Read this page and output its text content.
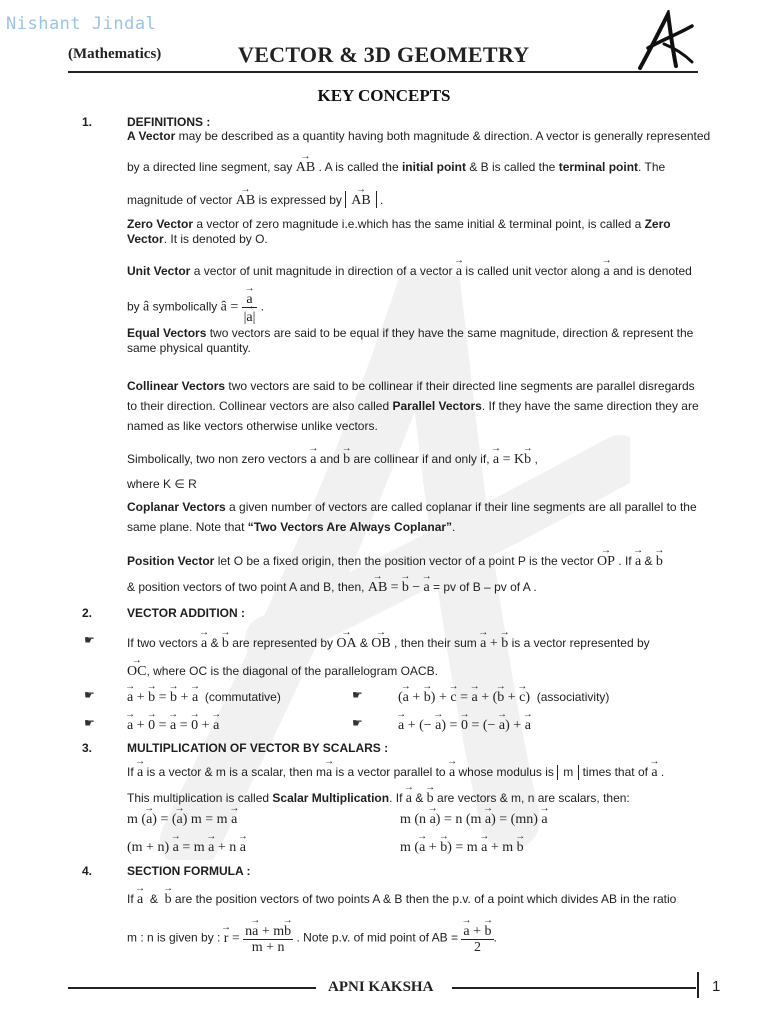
Nishant Jindal
(Mathematics)	VECTOR & 3D GEOMETRY
KEY CONCEPTS
1.	DEFINITIONS :
A Vector may be described as a quantity having both magnitude & direction. A vector is generally represented
by a directed line segment, say → AB . A is called the initial point & B is called the terminal point. The
magnitude of vector → AB is expressed by → AB .
Zero Vector a vector of zero magnitude i.e.which has the same initial & terminal point, is called a Zero Vector. It is denoted by O.
Unit Vector a vector of unit magnitude in direction of a vector → a is called unit vector along → a and is denoted
by â symbolically â = → $\frac{a}{|\to a|}$ .
Equal Vectors two vectors are said to be equal if they have the same magnitude, direction & represent the same physical quantity.
Collinear Vectors two vectors are said to be collinear if their directed line segments are parallel disregards to their direction. Collinear vectors are also called Parallel Vectors. If they have the same direction they are named as like vectors otherwise unlike vectors.
Simbolically, two non zero vectors → a and → b are collinear if and only if, → a = K→ b ,
where K ∈ R
Coplanar Vectors a given number of vectors are called coplanar if their line segments are all parallel to the same plane. Note that “Two Vectors Are Always Coplanar”.
Position Vector let O be a fixed origin, then the position vector of a point P is the vector → OP . If → a & → b
& position vectors of two point A and B, then, → AB = → b − → a = pv of B – pv of A .
2.	VECTOR ADDITION :
☛	If two vectors → a & → b are represented by → OA & → OB , then their sum → a + → b is a vector represented by
→ OC, where OC is the diagonal of the parallelogram OACB.
☛ → a + → b = → b + → a (commutative)	☛	(→ a + → b) + → c = → a + (→ b + → c) (associativity)
☛ → a + → 0 = → a = → 0 + → a	☛	→ a + (− → a) = → 0 = (− → a) + → a
3.	MULTIPLICATION OF VECTOR BY SCALARS :
If → a is a vector & m is a scalar, then m→ a is a vector parallel to → a whose modulus is m times that of → a .
This multiplication is called Scalar Multiplication. If → a & → b are vectors & m, n are scalars, then:
m (→ a) = (→ a) m = m → a	m (n → a) = n (m → a) = (mn) → a
(m + n) → a = m → a + n → a	m (→ a + → b) = m → a + m → b
4.	SECTION FORMULA :
If → a  &  → b are the position vectors of two points A & B then the p.v. of a point which divides AB in the ratio
m : n is given by : → $r = \frac{n\to a + m\to b}{m + n}$ . Note p.v. of mid point of AB = → $\frac{a + \to b}{2}$ .
APNI KAKSHA	1
